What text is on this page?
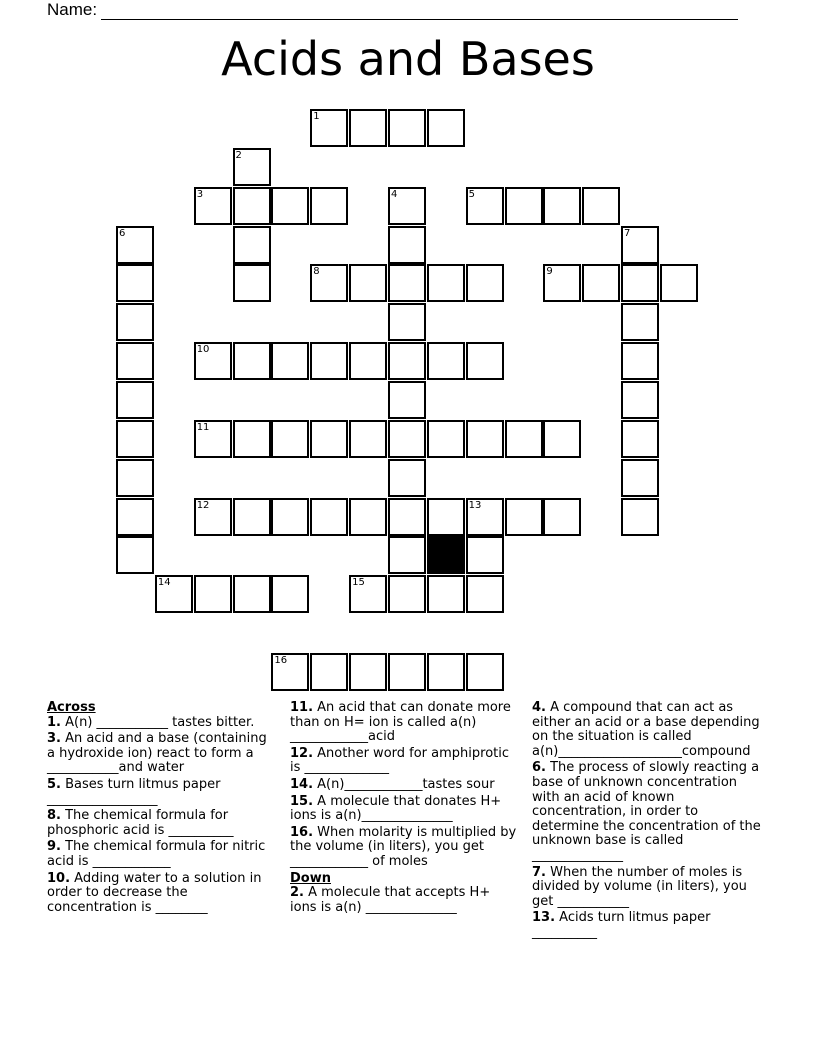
Name:
Acids and Bases
1
2
3	4	5
6	7
8	9
10
11
12	13
14	15
16
Across

1. A(n) ___________ tastes bitter.

3. An acid and a base (containing a hydroxide ion) react to form a ___________and water

5. Bases turn litmus paper _________________

8. The chemical formula for phosphoric acid is __________

9. The chemical formula for nitric acid is ____________

10. Adding water to a solution in order to decrease the concentration is ________

11. An acid that can donate more than on H= ion is called a(n) ____________acid

12. Another word for amphiprotic is _____________

14. A(n)____________tastes sour

15. A molecule that donates H+ ions is a(n)______________

16. When molarity is multiplied by the volume (in liters), you get ____________ of moles

Down

2. A molecule that accepts H+ ions is a(n) ______________

4. A compound that can act as either an acid or a base depending on the situation is called a(n)___________________compound

6. The process of slowly reacting a base of unknown concentration with an acid of known concentration, in order to determine the concentration of the unknown base is called ______________

7. When the number of moles is divided by volume (in liters), you get ___________

13. Acids turn litmus paper __________
